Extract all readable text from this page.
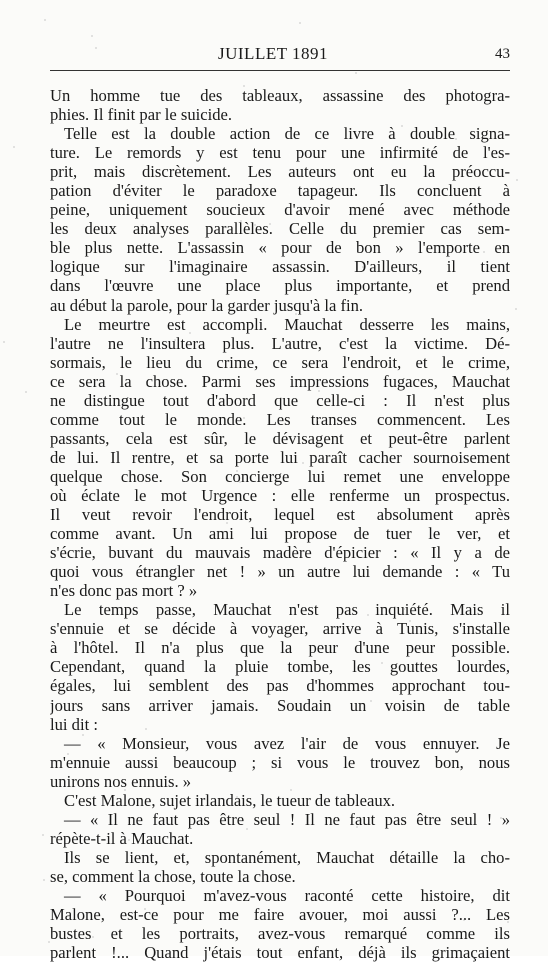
JUILLET 1891	43
Un homme tue des tableaux, assassine des photogra-
phies. Il finit par le suicide.
Telle est la double action de ce livre à double signa-
ture. Le remords y est tenu pour une infirmité de l'es-
prit, mais discrètement. Les auteurs ont eu la préoccu-
pation d'éviter le paradoxe tapageur. Ils concluent à
peine, uniquement soucieux d'avoir mené avec méthode
les deux analyses parallèles. Celle du premier cas sem-
ble plus nette. L'assassin « pour de bon » l'emporte en
logique sur l'imaginaire assassin. D'ailleurs, il tient
dans l'œuvre une place plus importante, et prend
au début la parole, pour la garder jusqu'à la fin.
Le meurtre est accompli. Mauchat desserre les mains,
l'autre ne l'insultera plus. L'autre, c'est la victime. Dé-
sormais, le lieu du crime, ce sera l'endroit, et le crime,
ce sera la chose. Parmi ses impressions fugaces, Mauchat
ne distingue tout d'abord que celle-ci : Il n'est plus
comme tout le monde. Les transes commencent. Les
passants, cela est sûr, le dévisagent et peut-être parlent
de lui. Il rentre, et sa porte lui paraît cacher sournoisement
quelque chose. Son concierge lui remet une enveloppe
où éclate le mot Urgence : elle renferme un prospectus.
Il veut revoir l'endroit, lequel est absolument après
comme avant. Un ami lui propose de tuer le ver, et
s'écrie, buvant du mauvais madère d'épicier : « Il y a de
quoi vous étrangler net ! » un autre lui demande : « Tu
n'es donc pas mort ? »
Le temps passe, Mauchat n'est pas inquiété. Mais il
s'ennuie et se décide à voyager, arrive à Tunis, s'installe
à l'hôtel. Il n'a plus que la peur d'une peur possible.
Cependant, quand la pluie tombe, les gouttes lourdes,
égales, lui semblent des pas d'hommes approchant tou-
jours sans arriver jamais. Soudain un voisin de table
lui dit :
— « Monsieur, vous avez l'air de vous ennuyer. Je
m'ennuie aussi beaucoup ; si vous le trouvez bon, nous
unirons nos ennuis. »
C'est Malone, sujet irlandais, le tueur de tableaux.
— « Il ne faut pas être seul ! Il ne faut pas être seul ! »
répète-t-il à Mauchat.
Ils se lient, et, spontanément, Mauchat détaille la cho-
se, comment la chose, toute la chose.
— « Pourquoi m'avez-vous raconté cette histoire, dit
Malone, est-ce pour me faire avouer, moi aussi ?... Les
bustes et les portraits, avez-vous remarqué comme ils
parlent !... Quand j'étais tout enfant, déjà ils grimaçaient
